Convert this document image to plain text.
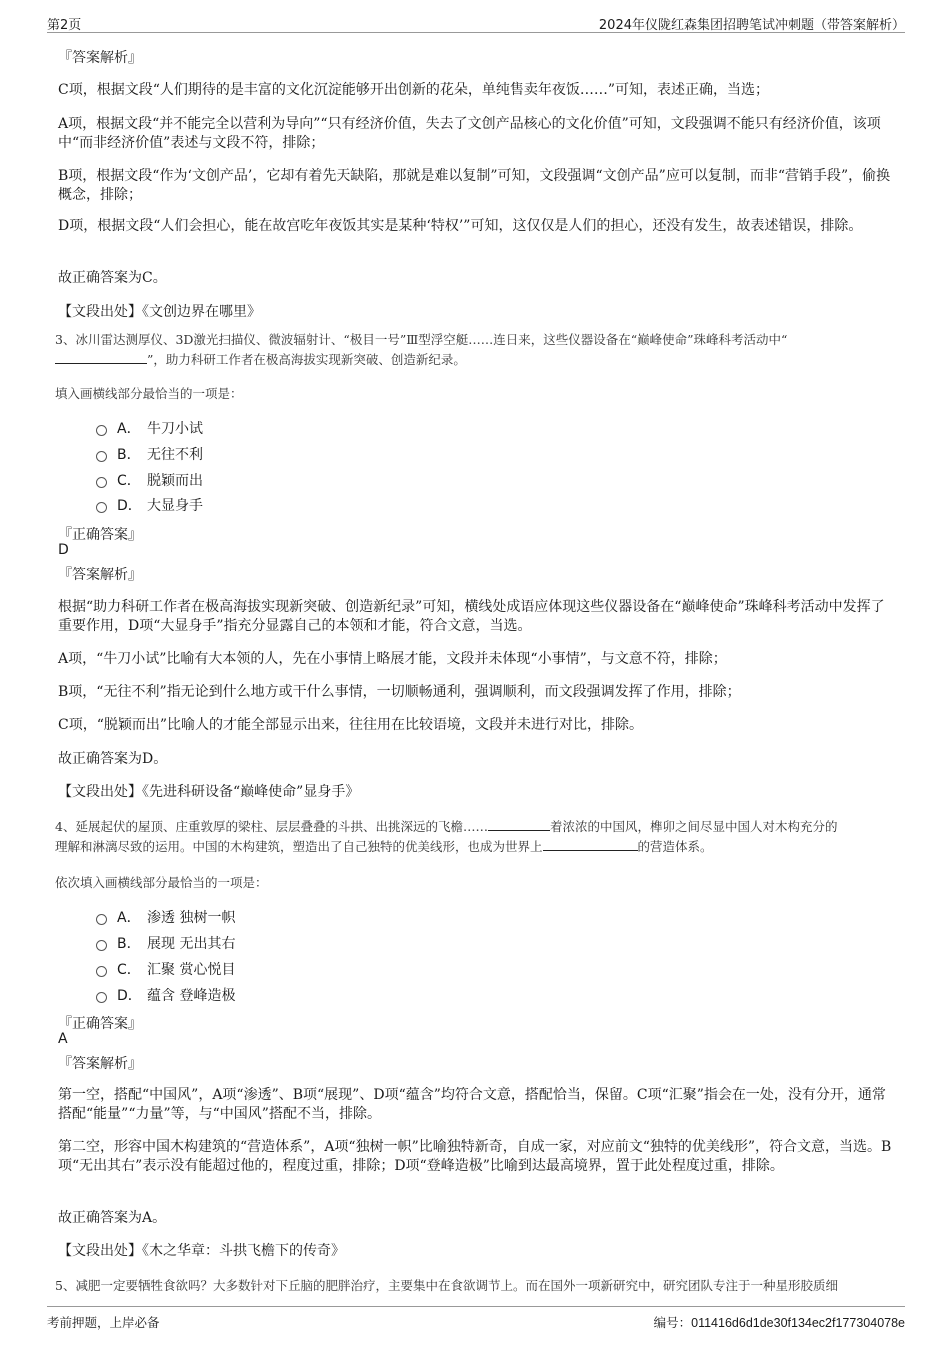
第2页	2024年仪陇红森集团招聘笔试冲刺题（带答案解析）
『答案解析』
C项，根据文段“人们期待的是丰富的文化沉淀能够开出创新的花朵，单纯售卖年夜饭……”可知，表述正确，当选；
A项，根据文段“并不能完全以营利为导向”“只有经济价值，失去了文创产品核心的文化价值”可知，文段强调不能只有经济价值，该项中“而非经济价值”表述与文段不符，排除；
B项，根据文段“作为‘文创产品’，它却有着先天缺陷，那就是难以复制”可知，文段强调“文创产品”应可以复制，而非“营销手段”，偷换概念，排除；
D项，根据文段“人们会担心，能在故宫吃年夜饭其实是某种‘特权’”可知，这仅仅是人们的担心，还没有发生，故表述错误，排除。
故正确答案为C。
【文段出处】《文创边界在哪里》
3、冰川雷达测厚仪、3D激光扫描仪、微波辐射计、“极目一号”Ⅲ型浮空艇……连日来，这些仪器设备在“巅峰使命”珠峰科考活动中“
”，助力科研工作者在极高海拔实现新突破、创造新纪录。
填入画横线部分最恰当的一项是：
A． 牛刀小试
B． 无往不利
C． 脱颖而出
D． 大显身手
『正确答案』
D
『答案解析』
根据“助力科研工作者在极高海拔实现新突破、创造新纪录”可知，横线处成语应体现这些仪器设备在“巅峰使命”珠峰科考活动中发挥了重要作用，D项“大显身手”指充分显露自己的本领和才能，符合文意，当选。
A项，“牛刀小试”比喻有大本领的人，先在小事情上略展才能，文段并未体现“小事情”，与文意不符，排除；
B项，“无往不利”指无论到什么地方或干什么事情，一切顺畅通利，强调顺利，而文段强调发挥了作用，排除；
C项，“脱颖而出”比喻人的才能全部显示出来，往往用在比较语境，文段并未进行对比，排除。
故正确答案为D。
【文段出处】《先进科研设备“巅峰使命”显身手》
4、延展起伏的屋顶、庄重敦厚的梁柱、层层叠叠的斗拱、出挑深远的飞檐……	着浓浓的中国风，榫卯之间尽显中国人对木构充分的
理解和淋漓尽致的运用。中国的木构建筑，塑造出了自己独特的优美线形，也成为世界上	的营造体系。
依次填入画横线部分最恰当的一项是：
A． 渗透 独树一帜
B． 展现 无出其右
C． 汇聚 赏心悦目
D． 蕴含 登峰造极
『正确答案』
A
『答案解析』
第一空，搭配“中国风”，A项“渗透”、B项“展现”、D项“蕴含”均符合文意，搭配恰当，保留。C项“汇聚”指会在一处，没有分开，通常搭配“能量”“力量”等，与“中国风”搭配不当，排除。
第二空，形容中国木构建筑的“营造体系”，A项“独树一帜”比喻独特新奇，自成一家，对应前文“独特的优美线形”，符合文意，当选。B项“无出其右”表示没有能超过他的，程度过重，排除；D项“登峰造极”比喻到达最高境界，置于此处程度过重，排除。
故正确答案为A。
【文段出处】《木之华章：斗拱飞檐下的传奇》
5、减肥一定要牺牲食欲吗？大多数针对下丘脑的肥胖治疗，主要集中在食欲调节上。而在国外一项新研究中，研究团队专注于一种星形胶质细
考前押题，上岸必备	编号：011416d6d1de30f134ec2f177304078e
